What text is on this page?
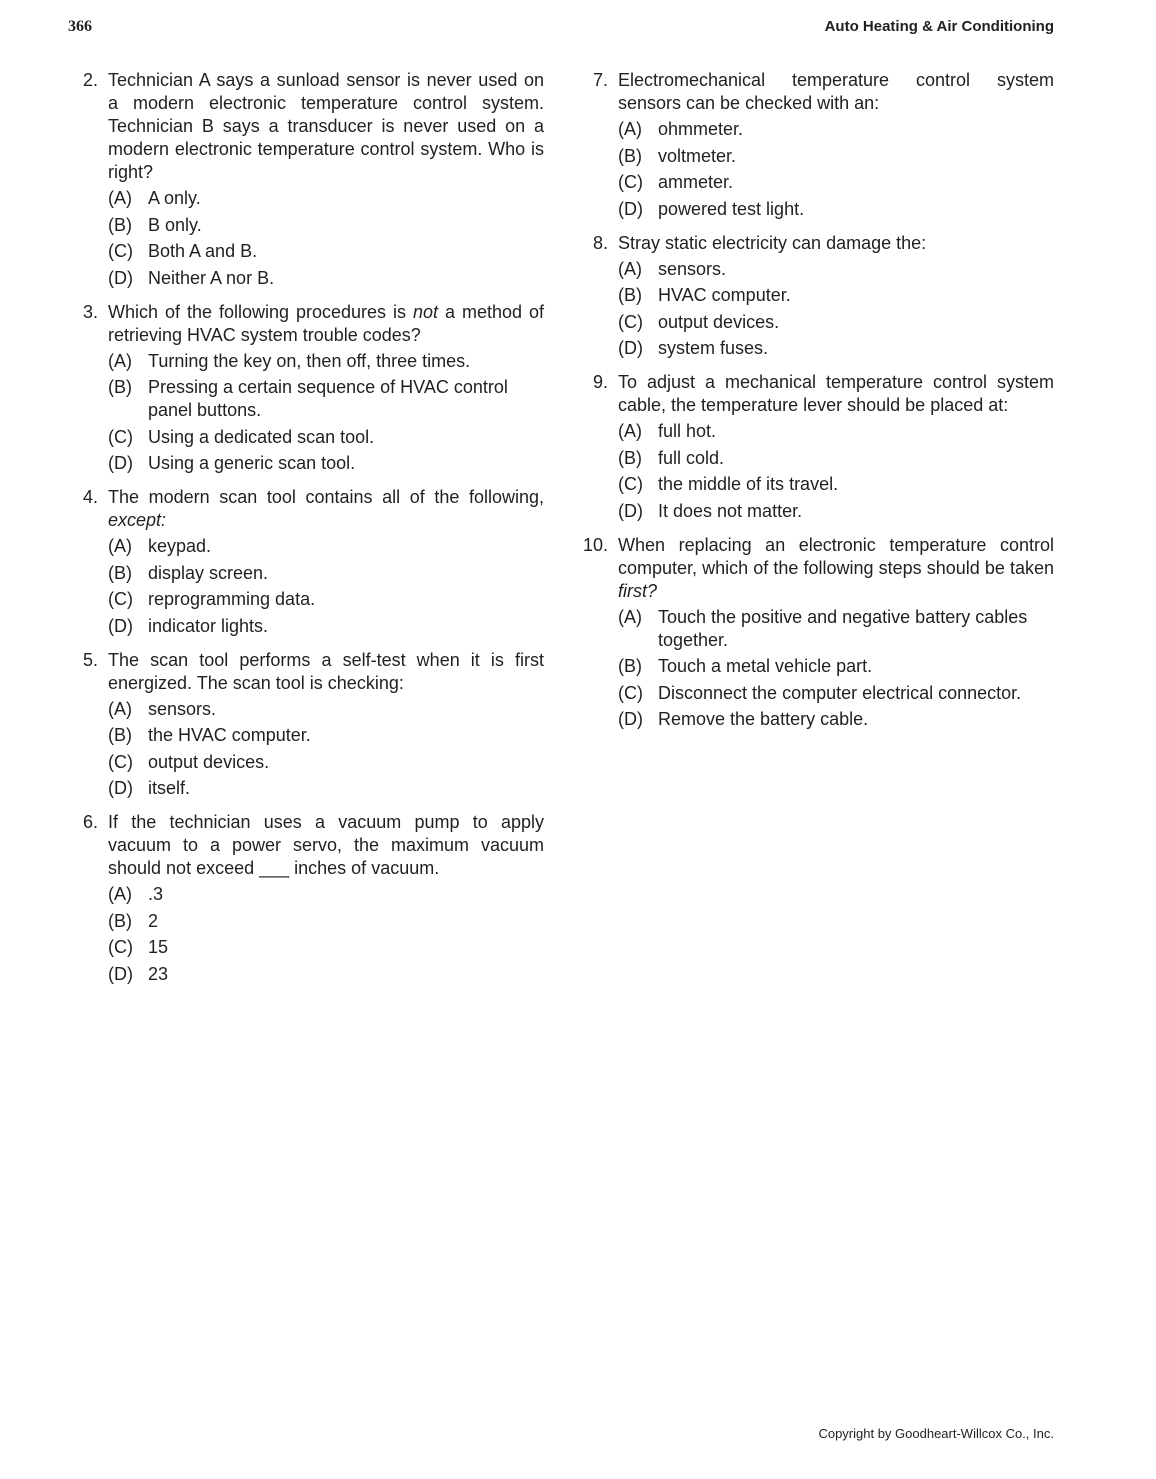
366	Auto Heating & Air Conditioning
2. Technician A says a sunload sensor is never used on a modern electronic temperature control system. Technician B says a transducer is never used on a modern electronic temperature control system. Who is right?
(A) A only.
(B) B only.
(C) Both A and B.
(D) Neither A nor B.
3. Which of the following procedures is not a method of retrieving HVAC system trouble codes?
(A) Turning the key on, then off, three times.
(B) Pressing a certain sequence of HVAC control panel buttons.
(C) Using a dedicated scan tool.
(D) Using a generic scan tool.
4. The modern scan tool contains all of the following, except:
(A) keypad.
(B) display screen.
(C) reprogramming data.
(D) indicator lights.
5. The scan tool performs a self-test when it is first energized. The scan tool is checking:
(A) sensors.
(B) the HVAC computer.
(C) output devices.
(D) itself.
6. If the technician uses a vacuum pump to apply vacuum to a power servo, the maximum vacuum should not exceed ___ inches of vacuum.
(A) .3
(B) 2
(C) 15
(D) 23
7. Electromechanical temperature control system sensors can be checked with an:
(A) ohmmeter.
(B) voltmeter.
(C) ammeter.
(D) powered test light.
8. Stray static electricity can damage the:
(A) sensors.
(B) HVAC computer.
(C) output devices.
(D) system fuses.
9. To adjust a mechanical temperature control system cable, the temperature lever should be placed at:
(A) full hot.
(B) full cold.
(C) the middle of its travel.
(D) It does not matter.
10. When replacing an electronic temperature control computer, which of the following steps should be taken first?
(A) Touch the positive and negative battery cables together.
(B) Touch a metal vehicle part.
(C) Disconnect the computer electrical connector.
(D) Remove the battery cable.
Copyright by Goodheart-Willcox Co., Inc.
